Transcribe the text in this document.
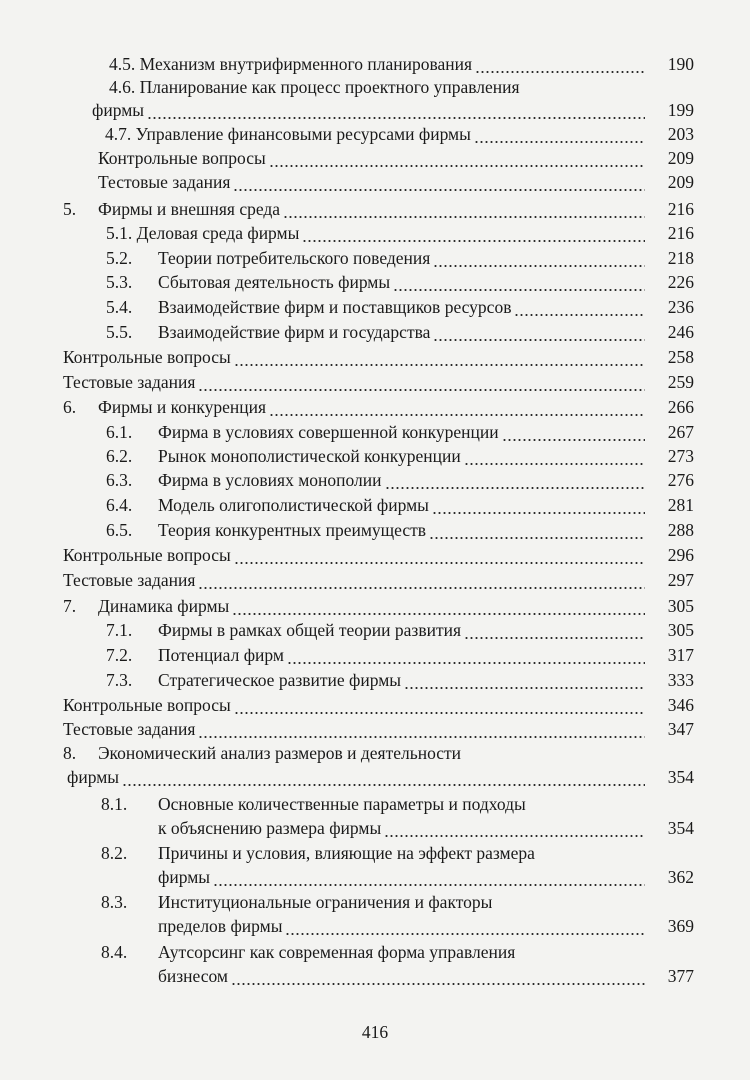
4.5. Механизм внутрифирменного планирования	190
4.6. Планирование как процесс проектного управления
фирмы	199
4.7. Управление финансовыми ресурсами фирмы	203
Контрольные вопросы	209
Тестовые задания	209
5. Фирмы и внешняя среда	216
5.1. Деловая среда фирмы	216
5.2. Теории потребительского поведения	218
5.3. Сбытовая деятельность фирмы	226
5.4. Взаимодействие фирм и поставщиков ресурсов	236
5.5. Взаимодействие фирм и государства	246
Контрольные вопросы	258
Тестовые задания	259
6. Фирмы и конкуренция	266
6.1. Фирма в условиях совершенной конкуренции	267
6.2. Рынок монополистической конкуренции	273
6.3. Фирма в условиях монополии	276
6.4. Модель олигополистической фирмы	281
6.5. Теория конкурентных преимуществ	288
Контрольные вопросы	296
Тестовые задания	297
7. Динамика фирмы	305
7.1. Фирмы в рамках общей теории развития	305
7.2. Потенциал фирм	317
7.3. Стратегическое развитие фирмы	333
Контрольные вопросы	346
Тестовые задания	347
8. Экономический анализ размеров и деятельности
фирмы	354
8.1. Основные количественные параметры и подходы
к объяснению размера фирмы	354
8.2. Причины и условия, влияющие на эффект размера
фирмы	362
8.3. Институциональные ограничения и факторы
пределов фирмы	369
8.4. Аутсорсинг как современная форма управления
бизнесом	377
416
